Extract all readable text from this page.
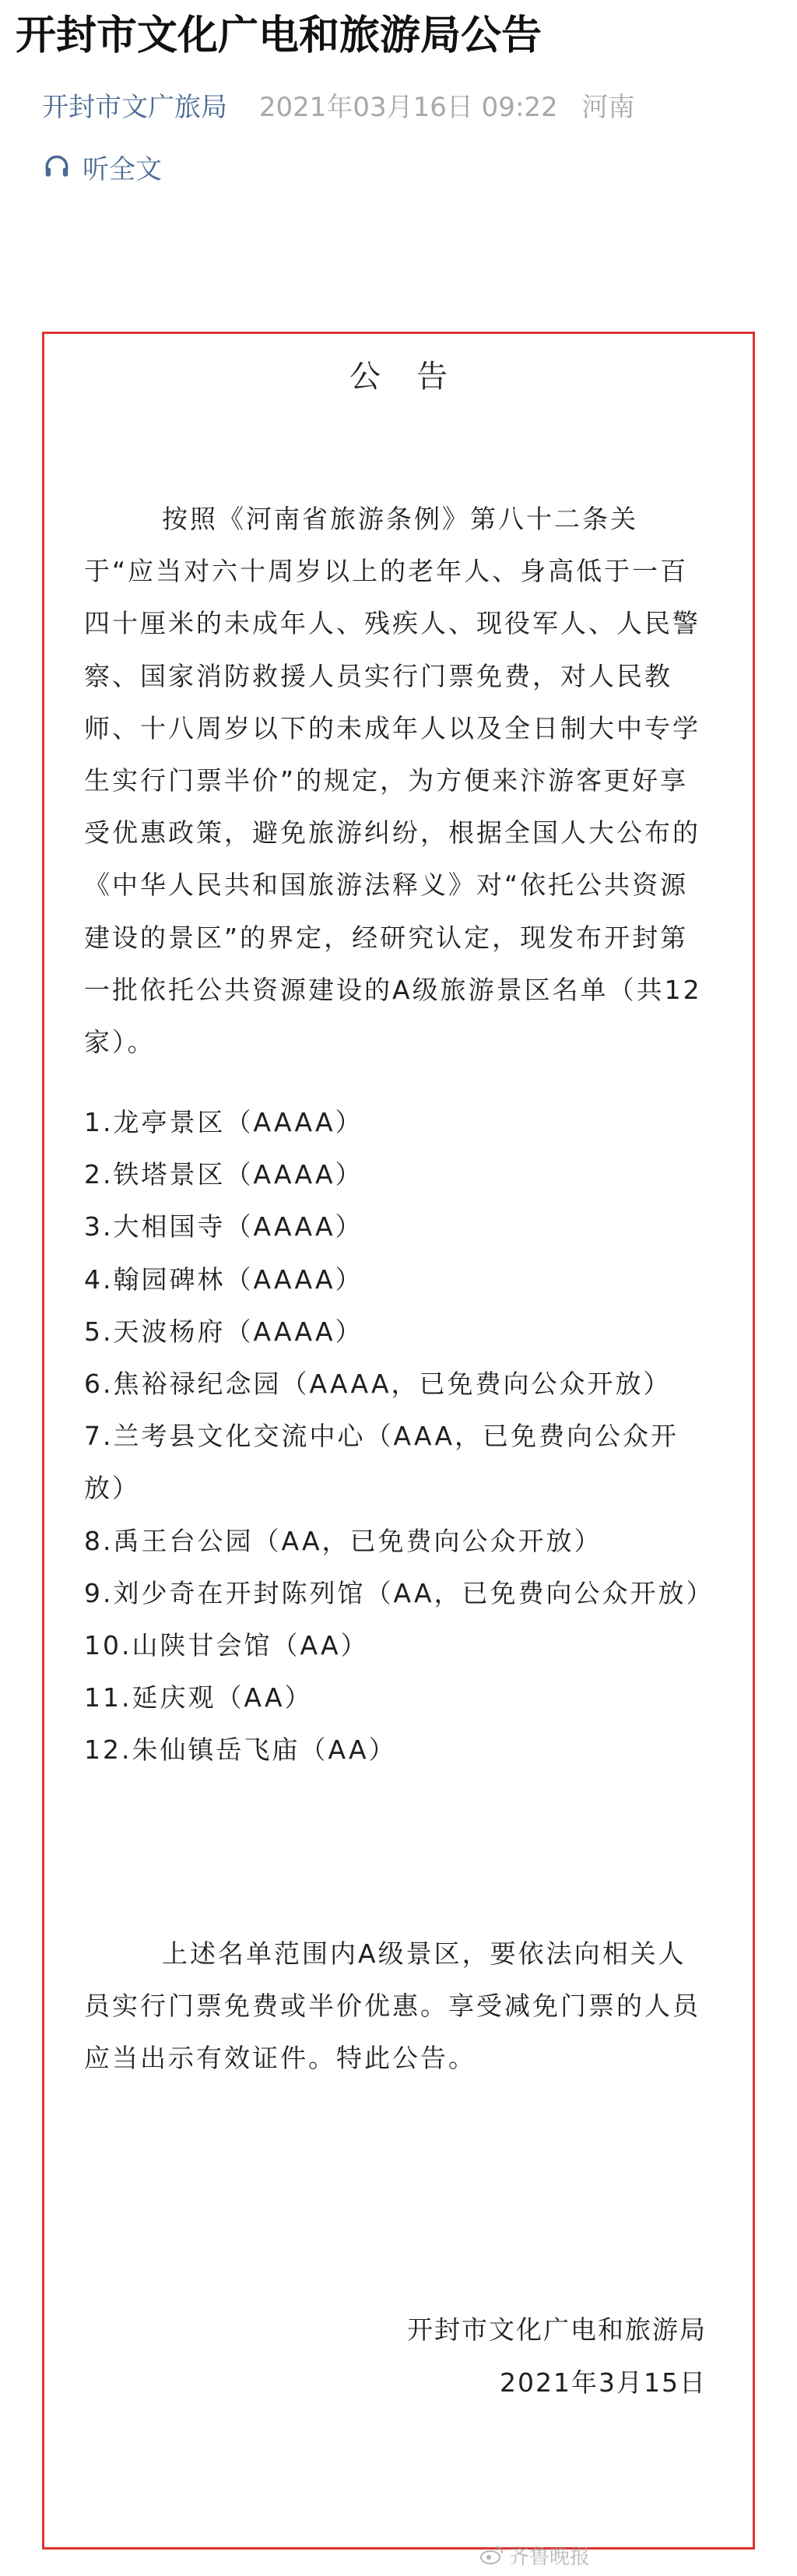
开封市文化广电和旅游局公告
开封市文广旅局 2021年03月16日 09:22 河南
听全文
公告

按照《河南省旅游条例》第八十二条关于“应当对六十周岁以上的老年人、身高低于一百四十厘米的未成年人、残疾人、现役军人、人民警察、国家消防救援人员实行门票免费，对人民教师、十八周岁以下的未成年人以及全日制大中专学生实行门票半价”的规定，为方便来汴游客更好享受优惠政策，避免旅游纠纷，根据全国人大公布的《中华人民共和国旅游法释义》对“依托公共资源建设的景区”的界定，经研究认定，现发布开封第一批依托公共资源建设的A级旅游景区名单（共12家）。

1.龙亭景区（AAAA）
2.铁塔景区（AAAA）
3.大相国寺（AAAA）
4.翰园碑林（AAAA）
5.天波杨府（AAAA）
6.焦裕禄纪念园（AAAA，已免费向公众开放）
7.兰考县文化交流中心（AAA，已免费向公众开放）
8.禹王台公园（AA，已免费向公众开放）
9.刘少奇在开封陈列馆（AA，已免费向公众开放）
10.山陕甘会馆（AA）
11.延庆观（AA）
12.朱仙镇岳飞庙（AA）

上述名单范围内A级景区，要依法向相关人员实行门票免费或半价优惠。享受减免门票的人员应当出示有效证件。特此公告。

开封市文化广电和旅游局
2021年3月15日
齐鲁晚报
